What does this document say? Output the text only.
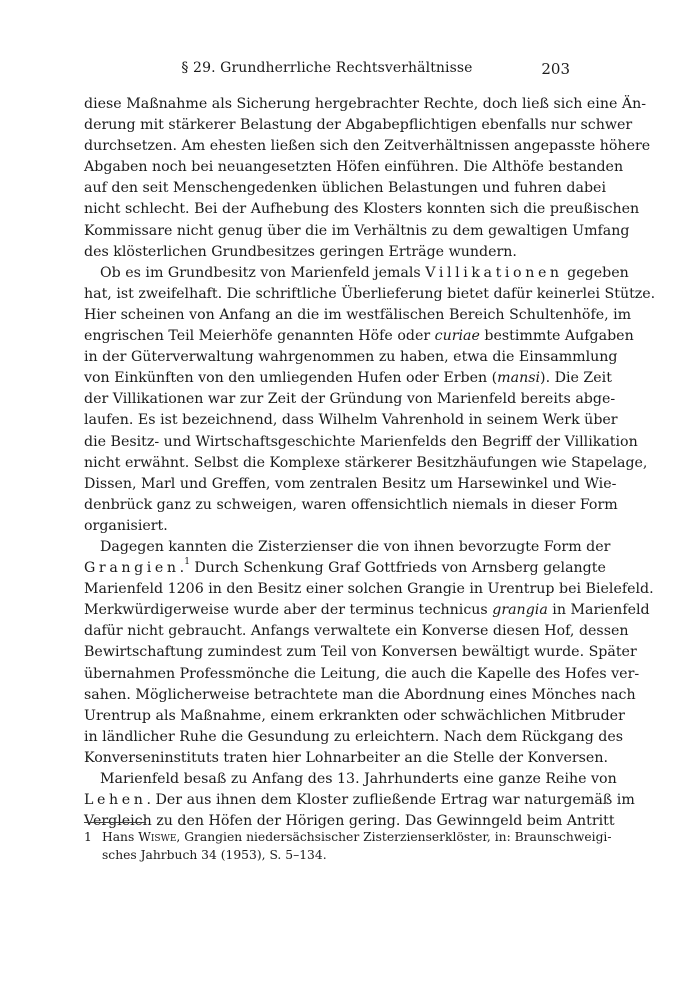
§ 29. Grundherrliche Rechtsverhältnisse	203
diese Maßnahme als Sicherung hergebrachter Rechte, doch ließ sich eine Än-
derung mit stärkerer Belastung der Abgabepflichtigen ebenfalls nur schwer
durchsetzen. Am ehesten ließen sich den Zeitverhältnissen angepasste höhere
Abgaben noch bei neuangesetzten Höfen einführen. Die Althöfe bestanden
auf den seit Menschengedenken üblichen Belastungen und fuhren dabei
nicht schlecht. Bei der Aufhebung des Klosters konnten sich die preußischen
Kommissare nicht genug über die im Verhältnis zu dem gewaltigen Umfang
des klösterlichen Grundbesitzes geringen Erträge wundern.
Ob es im Grundbesitz von Marienfeld jemals Villikationen gegeben
hat, ist zweifelhaft. Die schriftliche Überlieferung bietet dafür keinerlei Stütze.
Hier scheinen von Anfang an die im westfälischen Bereich Schultenhöfe, im
engrischen Teil Meierhöfe genannten Höfe oder curiae bestimmte Aufgaben
in der Güterverwaltung wahrgenommen zu haben, etwa die Einsammlung
von Einkünften von den umliegenden Hufen oder Erben (mansi). Die Zeit
der Villikationen war zur Zeit der Gründung von Marienfeld bereits abge-
laufen. Es ist bezeichnend, dass Wilhelm Vahrenhold in seinem Werk über
die Besitz- und Wirtschaftsgeschichte Marienfelds den Begriff der Villikation
nicht erwähnt. Selbst die Komplexe stärkerer Besitzhäufungen wie Stapelage,
Dissen, Marl und Greffen, vom zentralen Besitz um Harsewinkel und Wie-
denbrück ganz zu schweigen, waren offensichtlich niemals in dieser Form
organisiert.
Dagegen kannten die Zisterzienser die von ihnen bevorzugte Form der
Grangien.$^1$ Durch Schenkung Graf Gottfrieds von Arnsberg gelangte
Marienfeld 1206 in den Besitz einer solchen Grangie in Urentrup bei Bielefeld.
Merkwürdigerweise wurde aber der terminus technicus grangia in Marienfeld
dafür nicht gebraucht. Anfangs verwaltete ein Konverse diesen Hof, dessen
Bewirtschaftung zumindest zum Teil von Konversen bewältigt wurde. Später
übernahmen Professmönche die Leitung, die auch die Kapelle des Hofes ver-
sahen. Möglicherweise betrachtete man die Abordnung eines Mönches nach
Urentrup als Maßnahme, einem erkrankten oder schwächlichen Mitbruder
in ländlicher Ruhe die Gesundung zu erleichtern. Nach dem Rückgang des
Konverseninstituts traten hier Lohnarbeiter an die Stelle der Konversen.
Marienfeld besaß zu Anfang des 13. Jahrhunderts eine ganze Reihe von
Lehen. Der aus ihnen dem Kloster zufließende Ertrag war naturgemäß im
Vergleich zu den Höfen der Hörigen gering. Das Gewinngeld beim Antritt
1 Hans Wiswe, Grangien niedersächsischer Zisterzienserklöster, in: Braunschweigi-
sches Jahrbuch 34 (1953), S. 5–134.
